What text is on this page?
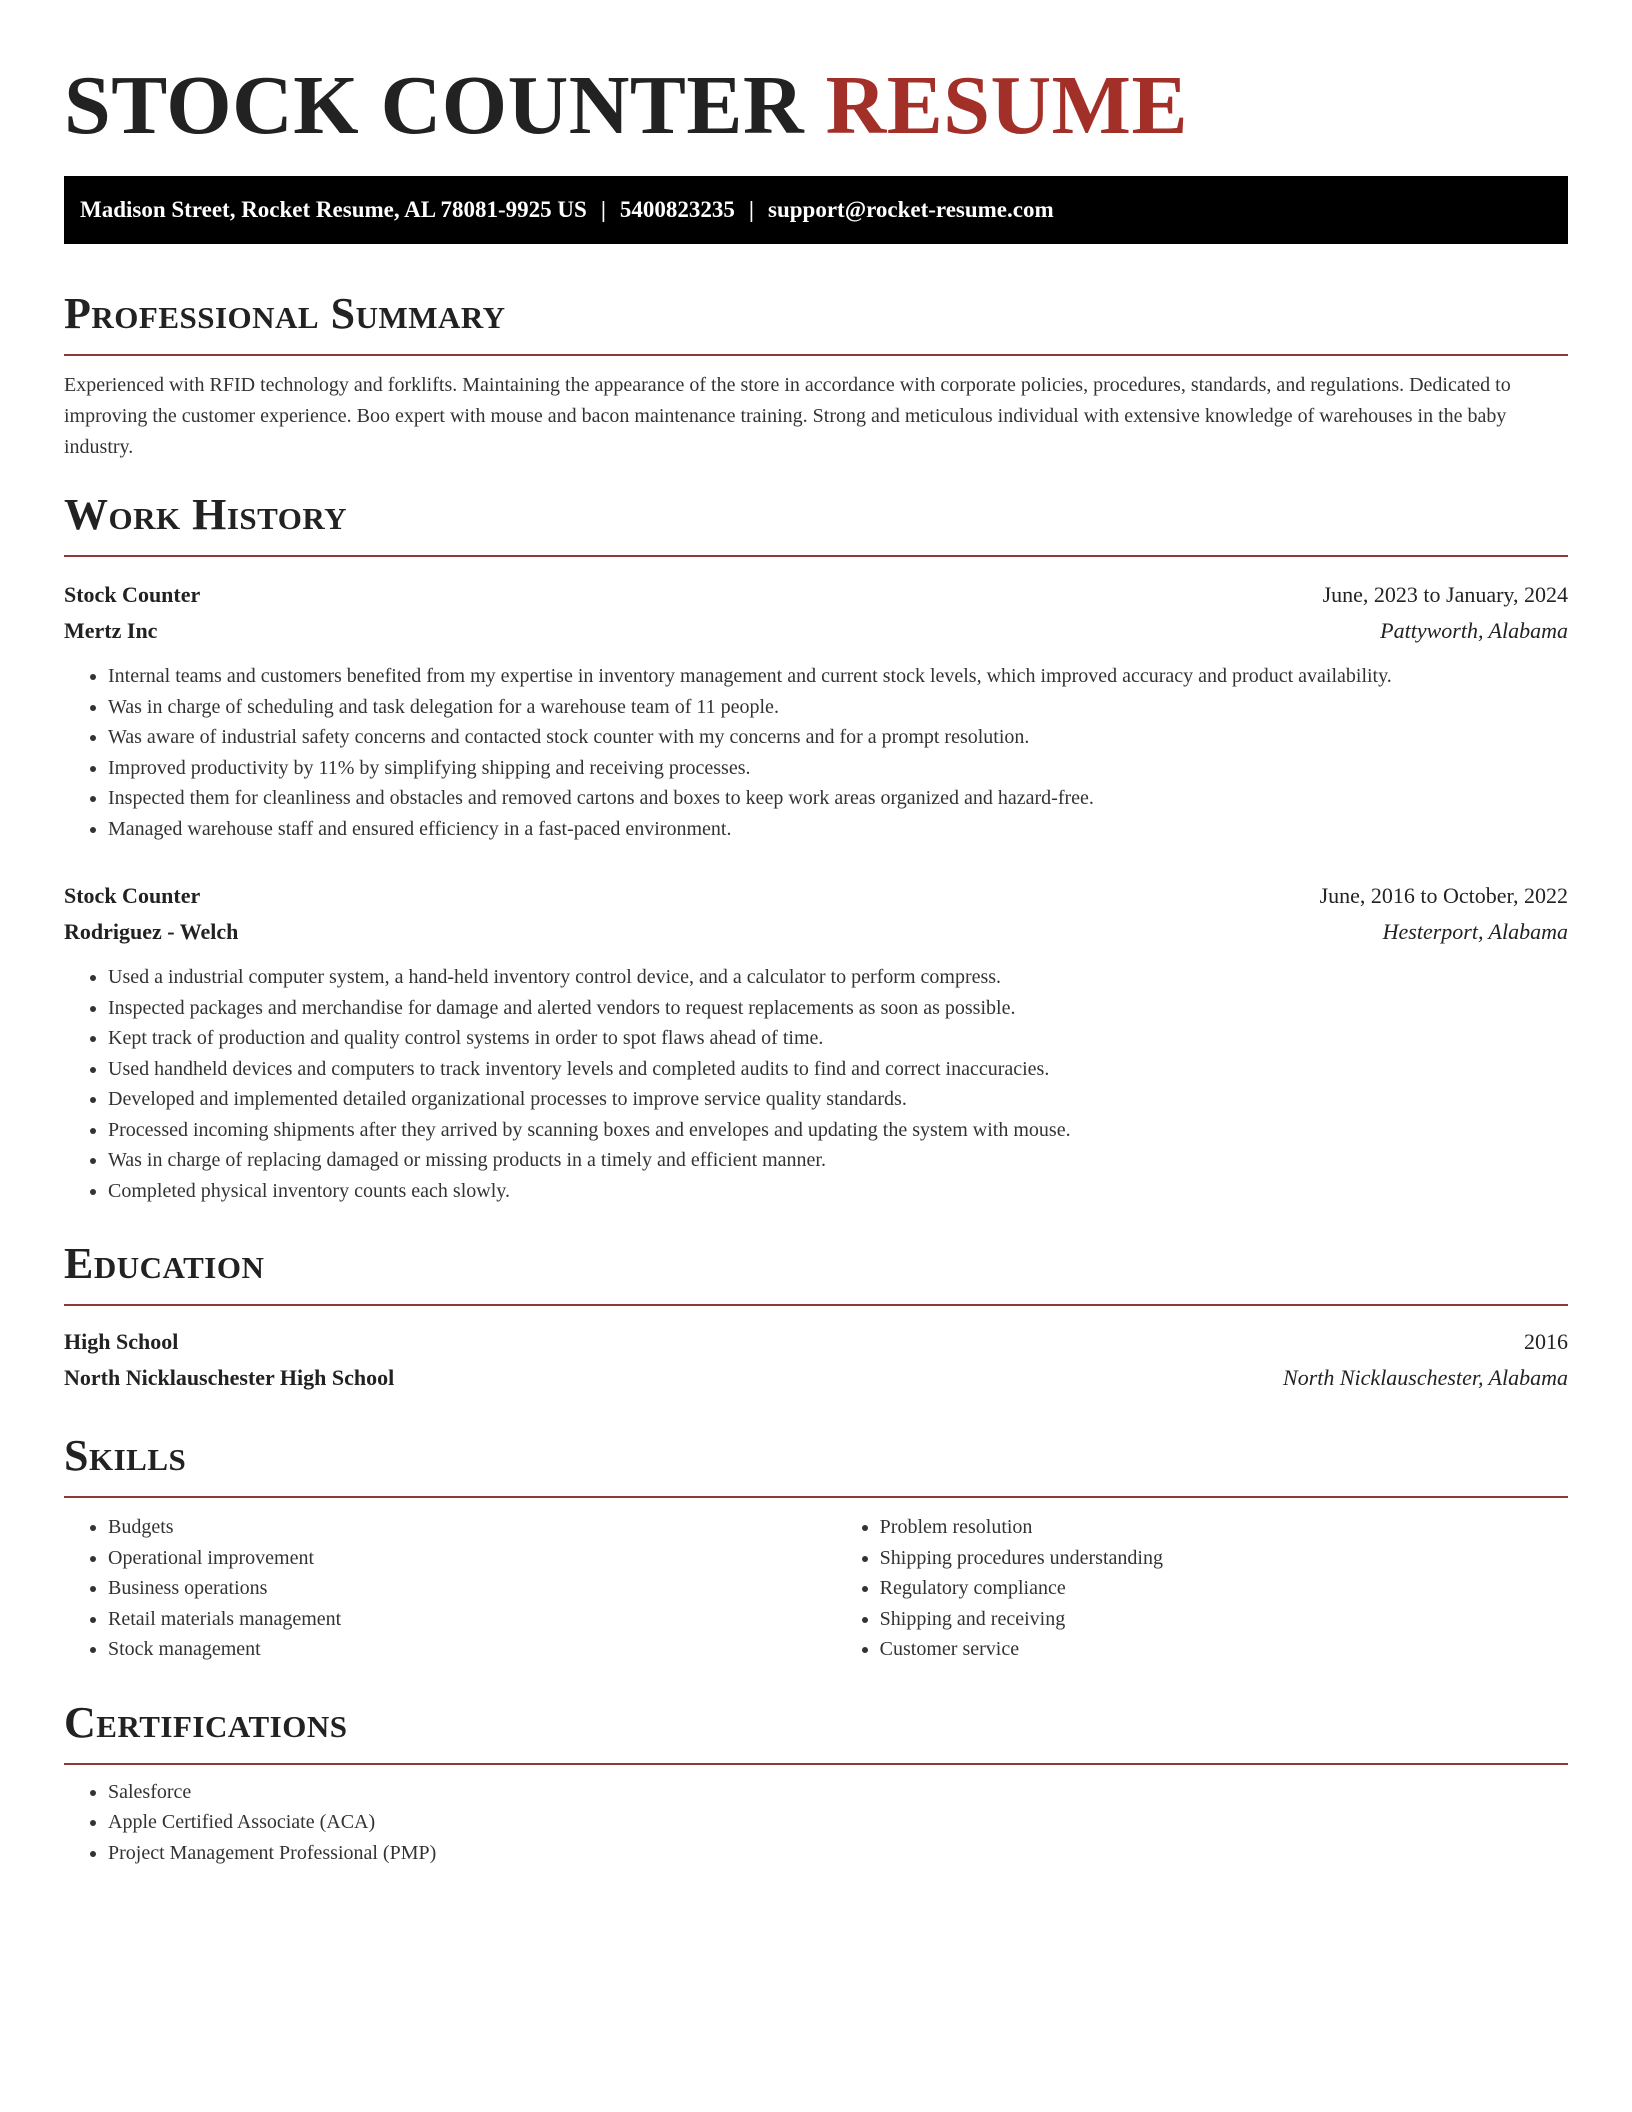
STOCK COUNTER RESUME
Madison Street, Rocket Resume, AL 78081-9925 US | 5400823235 | support@rocket-resume.com
Professional Summary

Experienced with RFID technology and forklifts. Maintaining the appearance of the store in accordance with corporate policies, procedures, standards, and regulations. Dedicated to improving the customer experience. Boo expert with mouse and bacon maintenance training. Strong and meticulous individual with extensive knowledge of warehouses in the baby industry.

Work History
Stock Counter	June, 2023 to January, 2024
Mertz Inc	Pattyworth, Alabama
• Internal teams and customers benefited from my expertise in inventory management and current stock levels, which improved accuracy and product availability.
• Was in charge of scheduling and task delegation for a warehouse team of 11 people.
• Was aware of industrial safety concerns and contacted stock counter with my concerns and for a prompt resolution.
• Improved productivity by 11% by simplifying shipping and receiving processes.
• Inspected them for cleanliness and obstacles and removed cartons and boxes to keep work areas organized and hazard-free.
• Managed warehouse staff and ensured efficiency in a fast-paced environment.
Stock Counter	June, 2016 to October, 2022
Rodriguez - Welch	Hesterport, Alabama
• Used a industrial computer system, a hand-held inventory control device, and a calculator to perform compress.
• Inspected packages and merchandise for damage and alerted vendors to request replacements as soon as possible.
• Kept track of production and quality control systems in order to spot flaws ahead of time.
• Used handheld devices and computers to track inventory levels and completed audits to find and correct inaccuracies.
• Developed and implemented detailed organizational processes to improve service quality standards.
• Processed incoming shipments after they arrived by scanning boxes and envelopes and updating the system with mouse.
• Was in charge of replacing damaged or missing products in a timely and efficient manner.
• Completed physical inventory counts each slowly.
Education
High School	2016
North Nicklauschester High School	North Nicklauschester, Alabama
Skills
• Budgets
• Operational improvement
• Business operations
• Retail materials management
• Stock management
• Problem resolution
• Shipping procedures understanding
• Regulatory compliance
• Shipping and receiving
• Customer service
Certifications
• Salesforce
• Apple Certified Associate (ACA)
• Project Management Professional (PMP)
